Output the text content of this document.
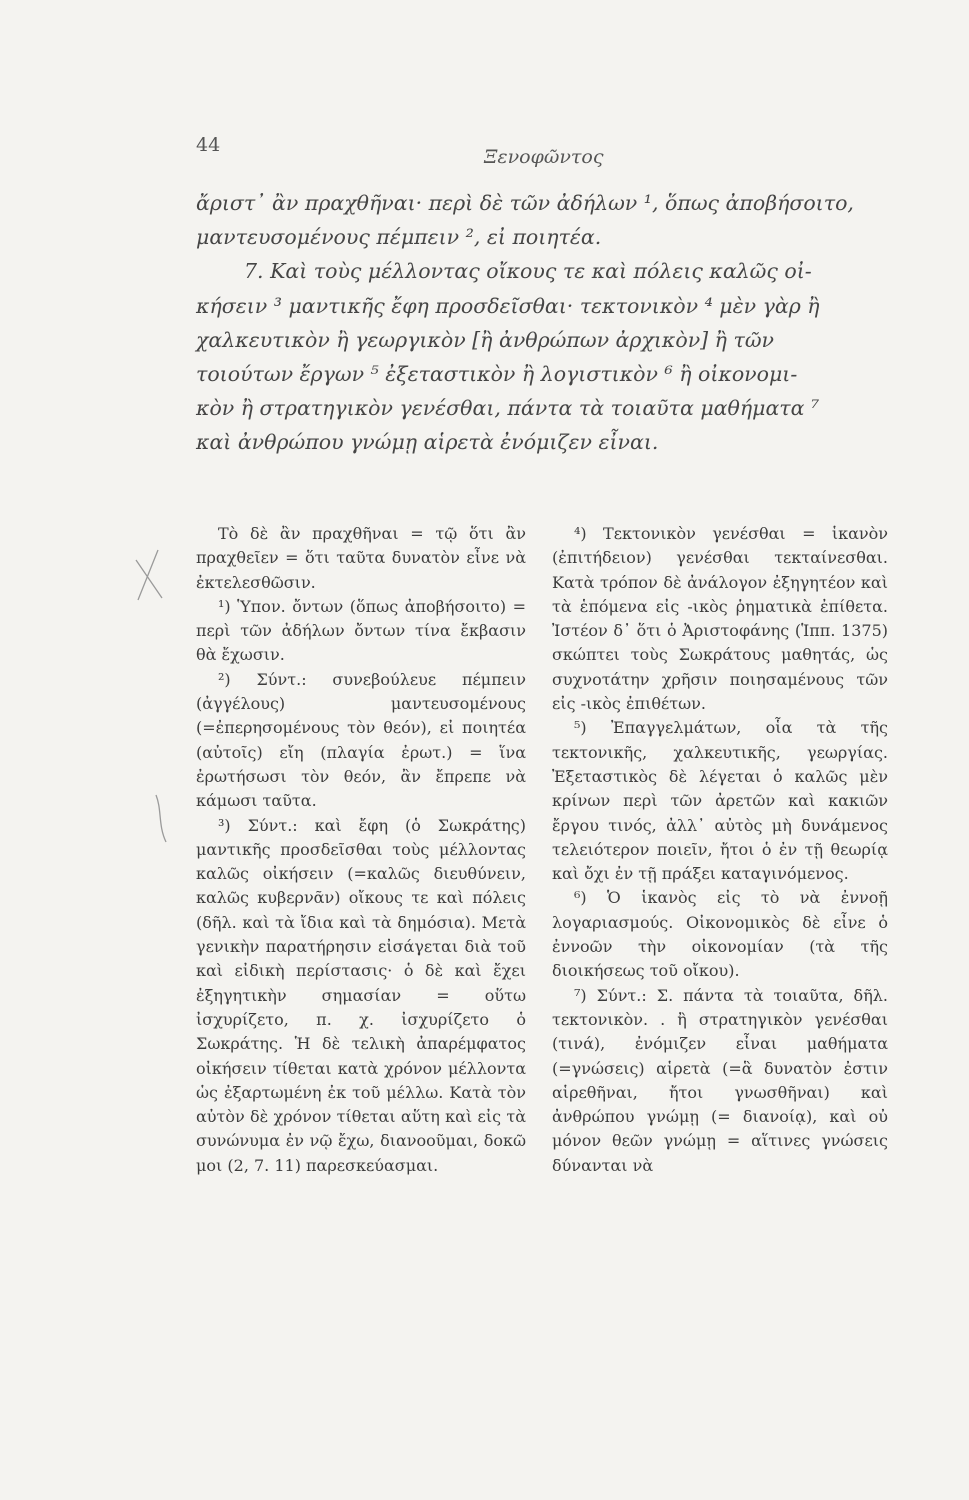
44
Ξενοφῶντος

ἄριστ᾿ ἂν πραχθῆναι· περὶ δὲ τῶν ἀδήλων ¹, ὅπως ἀποβήσοιτο,

μαντευσομένους πέμπειν ², εἰ ποιητέα.

7. Καὶ τοὺς μέλλοντας οἴκους τε καὶ πόλεις καλῶς οἰ-

κήσειν ³ μαντικῆς ἔφη προσδεῖσθαι· τεκτονικὸν ⁴ μὲν γὰρ ἢ

χαλκευτικὸν ἢ γεωργικὸν [ἢ ἀνθρώπων ἀρχικὸν] ἢ τῶν

τοιούτων ἔργων ⁵ ἐξεταστικὸν ἢ λογιστικὸν ⁶ ἢ οἰκονομι-

κὸν ἢ στρατηγικὸν γενέσθαι, πάντα τὰ τοιαῦτα μαθήματα ⁷

καὶ ἀνθρώπου γνώμῃ αἱρετὰ ἐνόμιζεν εἶναι.

Τὸ δὲ ἂν πραχθῆναι = τῷ ὅτι ἂν πραχθεῖεν = ὅτι ταῦτα δυνατὸν εἶνε νὰ ἐκτελεσθῶσιν.

¹) Ὑπον. ὄντων (ὅπως ἀποβήσοιτο) = περὶ τῶν ἀδήλων ὄντων τίνα ἔκβασιν θὰ ἔχωσιν.

²) Σύντ.: συνεβούλευε πέμπειν (ἀγγέλους) μαντευσομένους (=ἐπερησομένους τὸν θεόν), εἰ ποιητέα (αὐτοῖς) εἴη (πλαγία ἐρωτ.) = ἵνα ἐρωτήσωσι τὸν θεόν, ἂν ἔπρεπε νὰ κάμωσι ταῦτα.

³) Σύντ.: καὶ ἔφη (ὁ Σωκράτης) μαντικῆς προσδεῖσθαι τοὺς μέλλοντας καλῶς οἰκήσειν (=καλῶς διευθύνειν, καλῶς κυβερνᾶν) οἴκους τε καὶ πόλεις (δῆλ. καὶ τὰ ἴδια καὶ τὰ δημόσια). Μετὰ γενικὴν παρατήρησιν εἰσάγεται διὰ τοῦ καὶ εἰδικὴ περίστασις· ὁ δὲ καὶ ἔχει ἐξηγητικὴν σημασίαν = οὕτω ἰσχυρίζετο, π. χ. ἰσχυρίζετο ὁ Σωκράτης. Ἡ δὲ τελικὴ ἀπαρέμφατος οἰκήσειν τίθεται κατὰ χρόνον μέλλοντα ὡς ἐξαρτωμένη ἐκ τοῦ μέλλω. Κατὰ τὸν αὐτὸν δὲ χρόνον τίθεται αὕτη καὶ εἰς τὰ συνώνυμα ἐν νῷ ἔχω, διανοοῦμαι, δοκῶ μοι (2, 7. 11) παρεσκεύασμαι.

⁴) Τεκτονικὸν γενέσθαι = ἱκανὸν (ἐπιτήδειον) γενέσθαι τεκταίνεσθαι. Κατὰ τρόπον δὲ ἀνάλογον ἐξηγητέον καὶ τὰ ἑπόμενα εἰς -ικὸς ῥηματικὰ ἐπίθετα. Ἰστέον δ᾿ ὅτι ὁ Ἀριστοφάνης (Ἱππ. 1375) σκώπτει τοὺς Σωκράτους μαθητάς, ὡς συχνοτάτην χρῆσιν ποιησαμένους τῶν εἰς -ικὸς ἐπιθέτων.

⁵) Ἐπαγγελμάτων, οἷα τὰ τῆς τεκτονικῆς, χαλκευτικῆς, γεωργίας. Ἐξεταστικὸς δὲ λέγεται ὁ καλῶς μὲν κρίνων περὶ τῶν ἀρετῶν καὶ κακιῶν ἔργου τινός, ἀλλ᾿ αὐτὸς μὴ δυνάμενος τελειότερον ποιεῖν, ἤτοι ὁ ἐν τῇ θεωρίᾳ καὶ ὄχι ἐν τῇ πράξει καταγινόμενος.

⁶) Ὁ ἱκανὸς εἰς τὸ νὰ ἐννοῇ λογαριασμούς. Οἰκονομικὸς δὲ εἶνε ὁ ἐννοῶν τὴν οἰκονομίαν (τὰ τῆς διοικήσεως τοῦ οἴκου).

⁷) Σύντ.: Σ. πάντα τὰ τοιαῦτα, δῆλ. τεκτονικὸν. . ἢ στρατηγικὸν γενέσθαι (τινά), ἐνόμιζεν εἶναι μαθήματα (=γνώσεις) αἱρετὰ (=ἃ δυνατὸν ἐστιν αἱρεθῆναι, ἤτοι γνωσθῆναι) καὶ ἀνθρώπου γνώμῃ (= διανοίᾳ), καὶ οὐ μόνον θεῶν γνώμῃ = αἵτινες γνώσεις δύνανται νὰ
